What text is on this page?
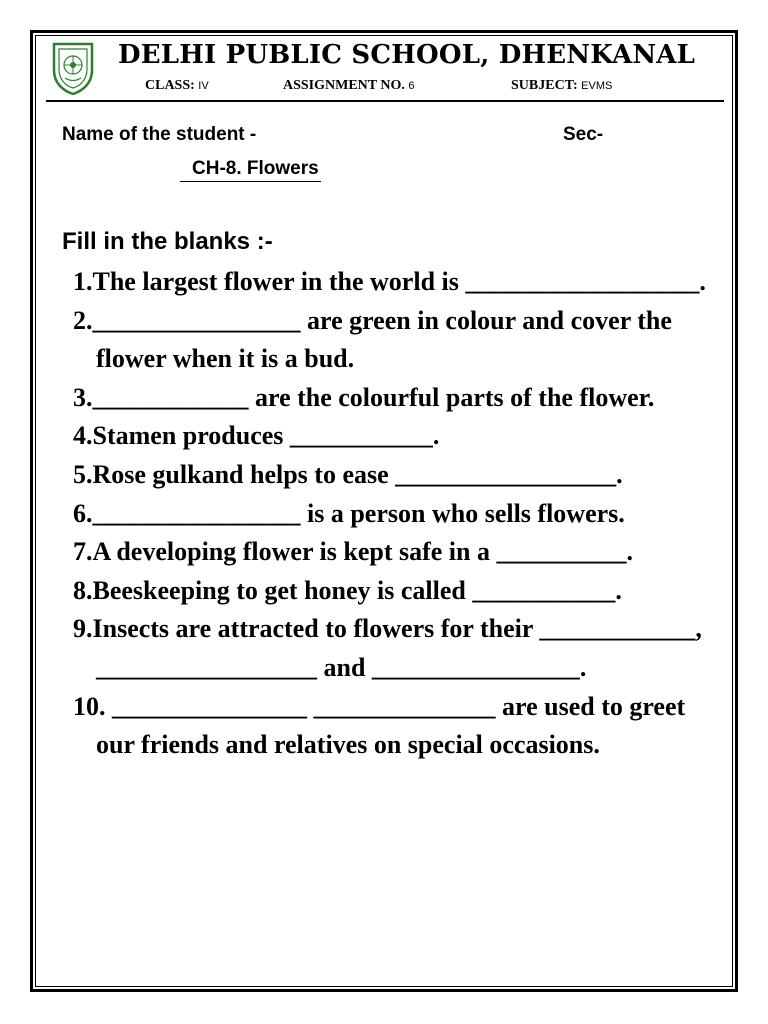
DELHI PUBLIC SCHOOL, DHENKANAL
CLASS: IV	ASSIGNMENT NO. 6	SUBJECT: EVMS
Name of the student -	Sec-
CH-8. Flowers
Fill in the blanks :-
1.The largest flower in the world is __________________.
2.________________ are green in colour and cover the flower when it is a bud.
3.____________ are the colourful parts of the flower.
4.Stamen produces ___________.
5.Rose gulkand helps to ease _________________.
6.________________ is a person who sells flowers.
7.A developing flower is kept safe in a __________.
8.Beeskeeping to get honey is called ___________.
9.Insects are attracted to flowers for their ____________, _________________ and ________________.
10. _______________ ______________ are used to greet our friends and relatives on special occasions.
